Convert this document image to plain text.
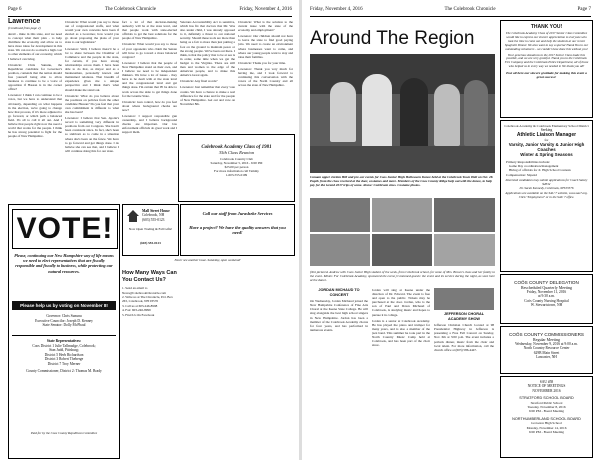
Page 6	The Colebrook Chronicle	Friday, November 4, 2016
Lawrence
(Continued from page 2)

derail - mine in this state, and we need to concept what their plan - to help distribute the economy and allow us to have more ideas for development in this state. We can not do so much a high cost to other elements of our economy, which I believe I can bring.

Chronicle: Chris Sununu, the Republican candidate for Governor's position, contends that the nation should free yourself being able to allow business to continue to be a voice of opposition if Hassan is in the corner office?

Lawrence: I think I can continue to be a voice, but we have to understand that obviously, depending on what happens in the election, we're going to change how that process, if it's more adjusted to go forward, or which path a balanced field. It's all to call it all out. And I believe that people right now the need a world that works for the people. I think he has strong potential to fight for the people of New Hampshire.

Chronicle: What would you say to those out of congressional staffs, and what would your own concerns have been if elected as a Governor, how would you go about proposing the plans of your state to our legislature?

Lawrence: Well, I believe there'd be a lot to share between the Chamber of Commerce and the people in the state, for certain, if you have strong relationships across them. I have been able to do that, as mayor and as a businessman, personally known and maintained relations. That breadth of experience gives me a unique perspective and I think that's what should make me stand out.

Chronicle: What do you believe about the positions on policies from the other candidate Hassan? Do you feel that your own commitment is different to what she has been?

Lawrence: I believe that Sen. Ayotte's record is something very different in positions from our Congress. She hasn't been consistent since. In fact, she's been so stubborn as to come in a situation where she's been on the fence. We have to go forward and get things done. I do believe she can see that, and I believe I will continue doing this for our state.

fact a lot of that decision-making authority will be at the state level, and that people work with state-elected officials to get the best solutions for the people of New Hampshire.

Chronicle: What would you say to those of your opponents who claim the Senate will have to go toward a more balanced congress?

Lawrence: I believe that the people of New Hampshire stand on their own, and I believe we need to be independent thinkers. We have a lot of issues - they have to be dealt with at the state level and the congressional level and get things done. I'm certain that I'll be able to work across the aisle to get things done for the Granite State.

Chronicle: Gun control, how do you feel about where background checks are now?

Lawrence: I support responsible gun ownership, and I believe background checks are important. Our law enforcement officials do great work and I support them.

Veterans Accountability Act to sensitive, which has fix that doctors that Mr. Was also under child, I was already opposed to it, definitely a threat to our national security. Should these tools are more than being as a fair to more than just putting a foot on the ground to maintain peace or the strong people. We've been out there. I think, is that the policy that to be at sea is in order, some time when we get the budget to the Virginia. There are still men and women to the edge of the American people, and to make this America Great again.

Chronicle: Any final words?

Lawrence: Just remember that every vote counts. We have a chance to make a real difference for the state and for the people of New Hampshire. Get out and vote on November 8th.

Chronicle: What is the solution to the current issue with the state of the economy and employment?

Lawrence: Our children should not have to leave the state to find good paying jobs. We need to create an environment where businesses want to come, and where our young people want to stay and raise their families.

Chronicle: Thank you for your time.

Lawrence: Thank you very much for having me, and I look forward to continuing this conversation with the voters of the North Country and all across the state of New Hampshire.

Colebrook Academy Class of 1981
35th Class Reunion
Colebrook Country Club
Saturday, November 5, 2016 - 6:00 PM
$25.00 per person
For more information call Tammy
1-603-555-0199
VOTE!
Please, continuing our New Hampshire way of life means we need to elect representatives that are fiscally responsible and fiscally to business, while protecting our natural resources.
Please help us by voting on November 8!
Governor: Chris Sununu
Executive Councilor: Joseph D. Kenney
State Senator: Dolly McPhaul
State Representatives:
Coos District 1 Julie Tallmadge, Colebrook;
Stan Judd, Pittsburg;
District 5 Herb Richardson
District 3 Robert Theberge
District 7 Troy Merner
County Commissioner, District 2: Thomas M. Brady
Paid for by the Coos County Republican Committee
Mall Street House
Colebrook, NH
(603) 555-0123
Now Open Trading & Fall Gifts!
(603) 555-0123
Call our staff from Jurasheke Services
Have a project? We have the quality answers that you need!
Never see another issue. Saturday, open weekend!
How Many Ways Can You Contact Us?
1. Send an email to News@ColebrookChronicle.com
2. Write us at The Chronicle, P.O. Box 263, Colebrook, NH 03576
3. Call us at 603-246-8998
4. Fax: 603-246-8999
5. Find Us On Facebook
Friday, November 4, 2016	The Colebrook Chronicle	Page 7
Around The Region
Canaan upper Jordan Hill and pre-car events for Coos Junior High Halloween Dance held at the Colebrook Town Hall on Oct. 28. Pupils from the class received at the door, costumes and more. Members of the Coos County Ridge help out with the dance, to help pay for the Grand 2017 trips of some. Above: Colebrook class. Costume photos.
(Not pictured. Andrew with Coos Junior High student of the week, from Colebrook school, for some of Mrs. Brown's class and her family to the event. Mister. For Colebrook Academy, sponsored the event.) Costumed guests: the event and its service during the night, as seen here at the dance.
JORDAN MICHAUD TO CONCERT

On Wednesday, Jordan Michaud joined the New Hampshire Conference of Fine Arts Choral at the Keene State College. He will sing alongside the best high school singers in New Hampshire. Jordan has been a member of the Colebrook Academy chorus for four years, and has performed in numerous events.

Jordan will sing at Keene under the direction of Dr. Edward. The event is free and open to the public. Tickets may be purchased at the door. Jordan, who is the son of Paul and Dawn Michaud of Colebrook, is studying music and hopes to pursue it in college.

Jordan is a senior at Colebrook Academy. He has played the piano and trumpet for many years, and is also a member of the jazz band. This summer he took part in the North Country Music Camp held at Colebrook, and has been part of the choir since.

JEFFERSON CHORAL ACADEMY SHOW

Jefferson Christian Church located at 98 Presidential Highway in Jefferson is presenting a Free Fall Concert on Sunday, Nov. 6th at 3:00 p.m. The event includes a potluck dinner, music from the choir and local talent. For more information, call the church office at (603) 586-4447.

THANK YOU!
The Colebrook Academy Class of 2017 Senior Class Committee would like to express our sincere appreciation to everyone who took the time to come out and help the students at our recent Spaghetti Dinner. We also want to say a special Thank You to our outstanding volunteers - we couldn't have done this without you!
Your generous donations to the 2017 Senior Class made this possible, and we are very grateful. Thank you to the Colebrook Fire Company and the Colebrook Police Department, all of those who helped us in every way we needed it. We thank you all!
Post all here our sincere gratitude for making this event a great success!
Colebrook Academy & Colebrook Elementary School District
Seeking
Athletic Liaison Manager
for
Varsity, Junior Varsity & Junior High Coaches
Winter & Spring Seasons
Primary Responsibilities include:
Game Day coordination/management
Hiring of officials for Jr. High School Contests
Compensation: Stipend
Interested candidates may submit applications for Coach Salary $28/hr
Dr. Sarah Kennedy, Colebrook, NH 03576
Applications are available on the SAU 7 website, www.sau7.org. Click "Employment" or in the SAU 7 office.
COÖS COUNTY DELEGATION
Rescheduled Quarterly Meeting
Friday, November 11, 2016
at 9:30 a.m.
Coös County Nursing Hospital
W. Stewartstown, NH
COÖS COUNTY COMMISSIONERS
Regular Meeting
Wednesday, November 9, 2016 at 9:00 a.m.
North Country Resource Center
629B Main Street
Lancaster, NH
SAU #58
NOTICE OF MEETINGS
NOVEMBER 2016
STRATFORD SCHOOL BOARD
Stratford Public School
Tuesday, November 8, 2016
6:00 PM - Board Meeting
NORTHUMBERLAND SCHOOL BOARD
Groveton High School
Monday, November 14, 2016
6:00 PM - Board Meeting
